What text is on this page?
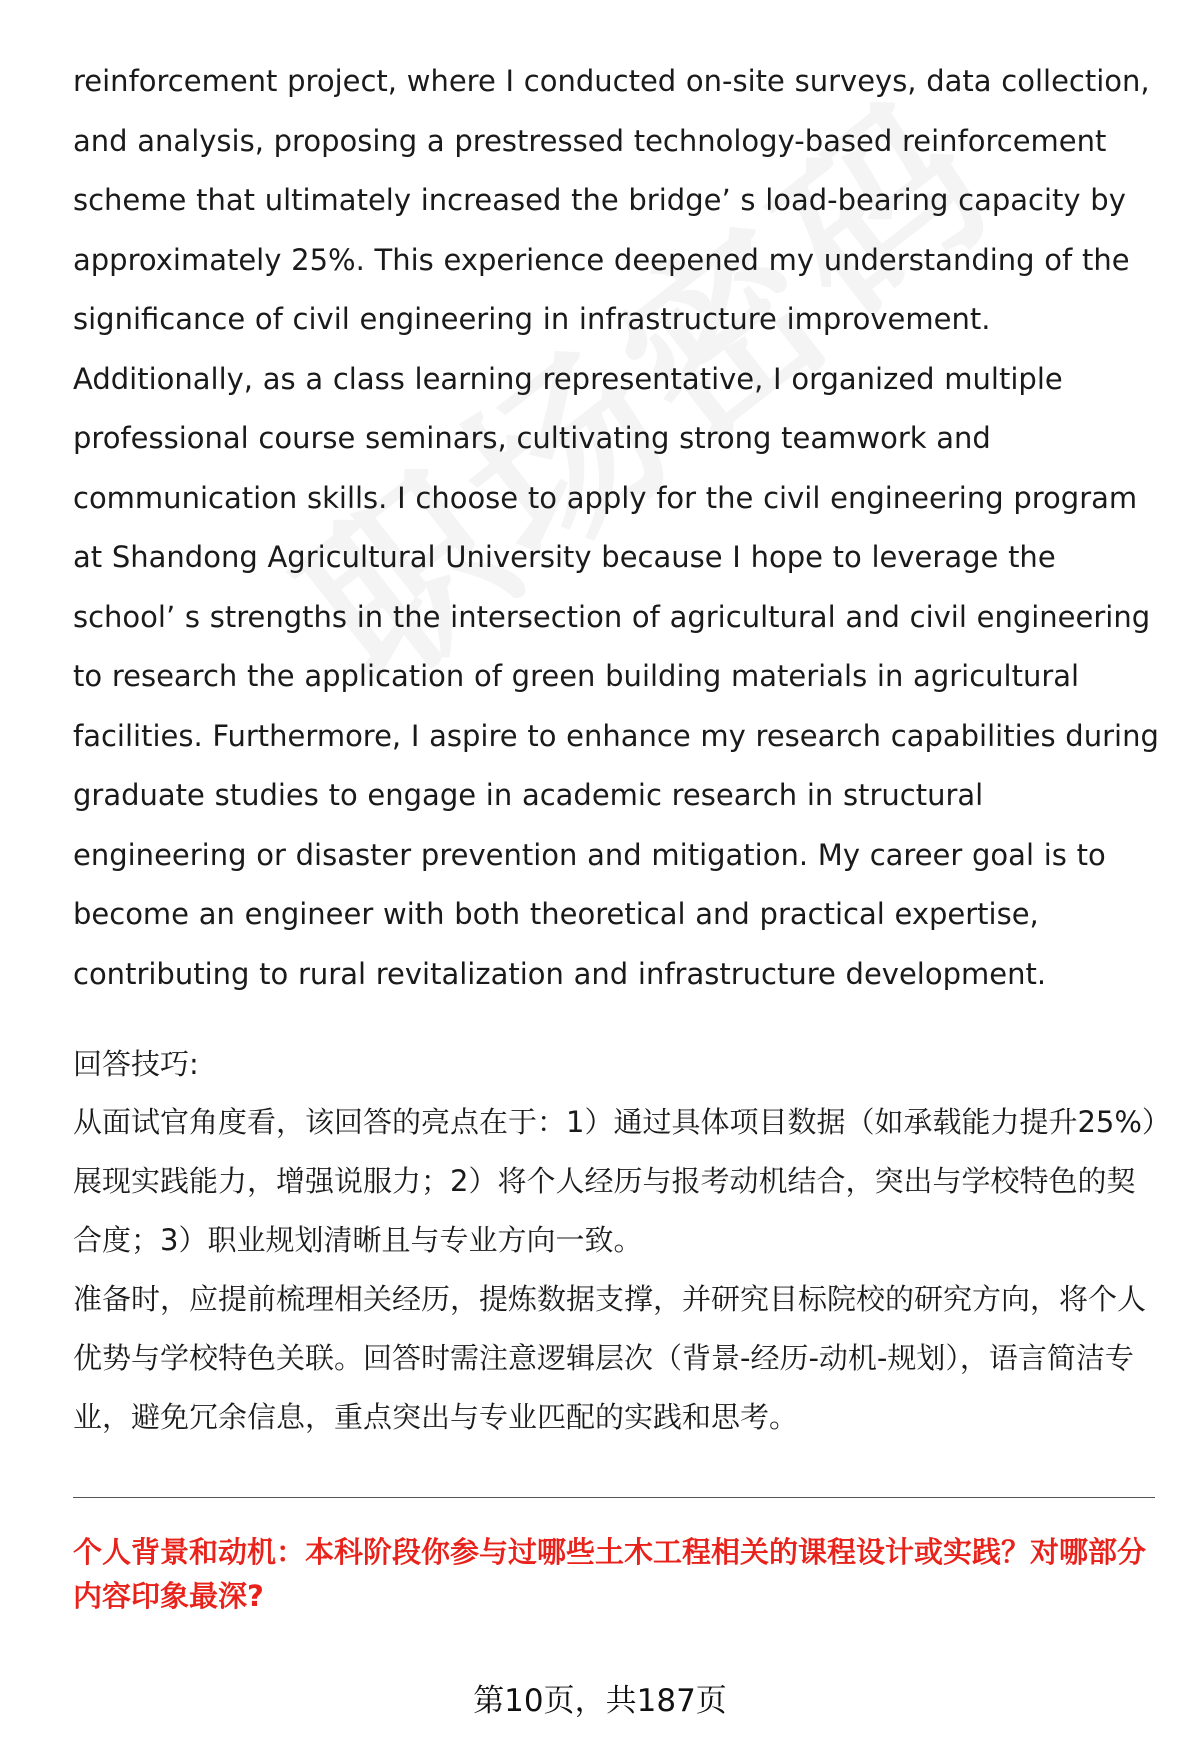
reinforcement project, where I conducted on-site surveys, data collection, and analysis, proposing a prestressed technology-based reinforcement scheme that ultimately increased the bridge’ s load-bearing capacity by approximately 25%. This experience deepened my understanding of the significance of civil engineering in infrastructure improvement. Additionally, as a class learning representative, I organized multiple professional course seminars, cultivating strong teamwork and communication skills. I choose to apply for the civil engineering program at Shandong Agricultural University because I hope to leverage the school’ s strengths in the intersection of agricultural and civil engineering to research the application of green building materials in agricultural facilities. Furthermore, I aspire to enhance my research capabilities during graduate studies to engage in academic research in structural engineering or disaster prevention and mitigation. My career goal is to become an engineer with both theoretical and practical expertise, contributing to rural revitalization and infrastructure development.

回答技巧:

从面试官角度看，该回答的亮点在于：1）通过具体项目数据（如承载能力提升25%）展现实践能力，增强说服力；2）将个人经历与报考动机结合，突出与学校特色的契合度；3）职业规划清晰且与专业方向一致。

准备时，应提前梳理相关经历，提炼数据支撑，并研究目标院校的研究方向，将个人优势与学校特色关联。回答时需注意逻辑层次（背景-经历-动机-规划），语言简洁专业，避免冗余信息，重点突出与专业匹配的实践和思考。

个人背景和动机：本科阶段你参与过哪些土木工程相关的课程设计或实践？对哪部分内容印象最深?

第10页，共187页
